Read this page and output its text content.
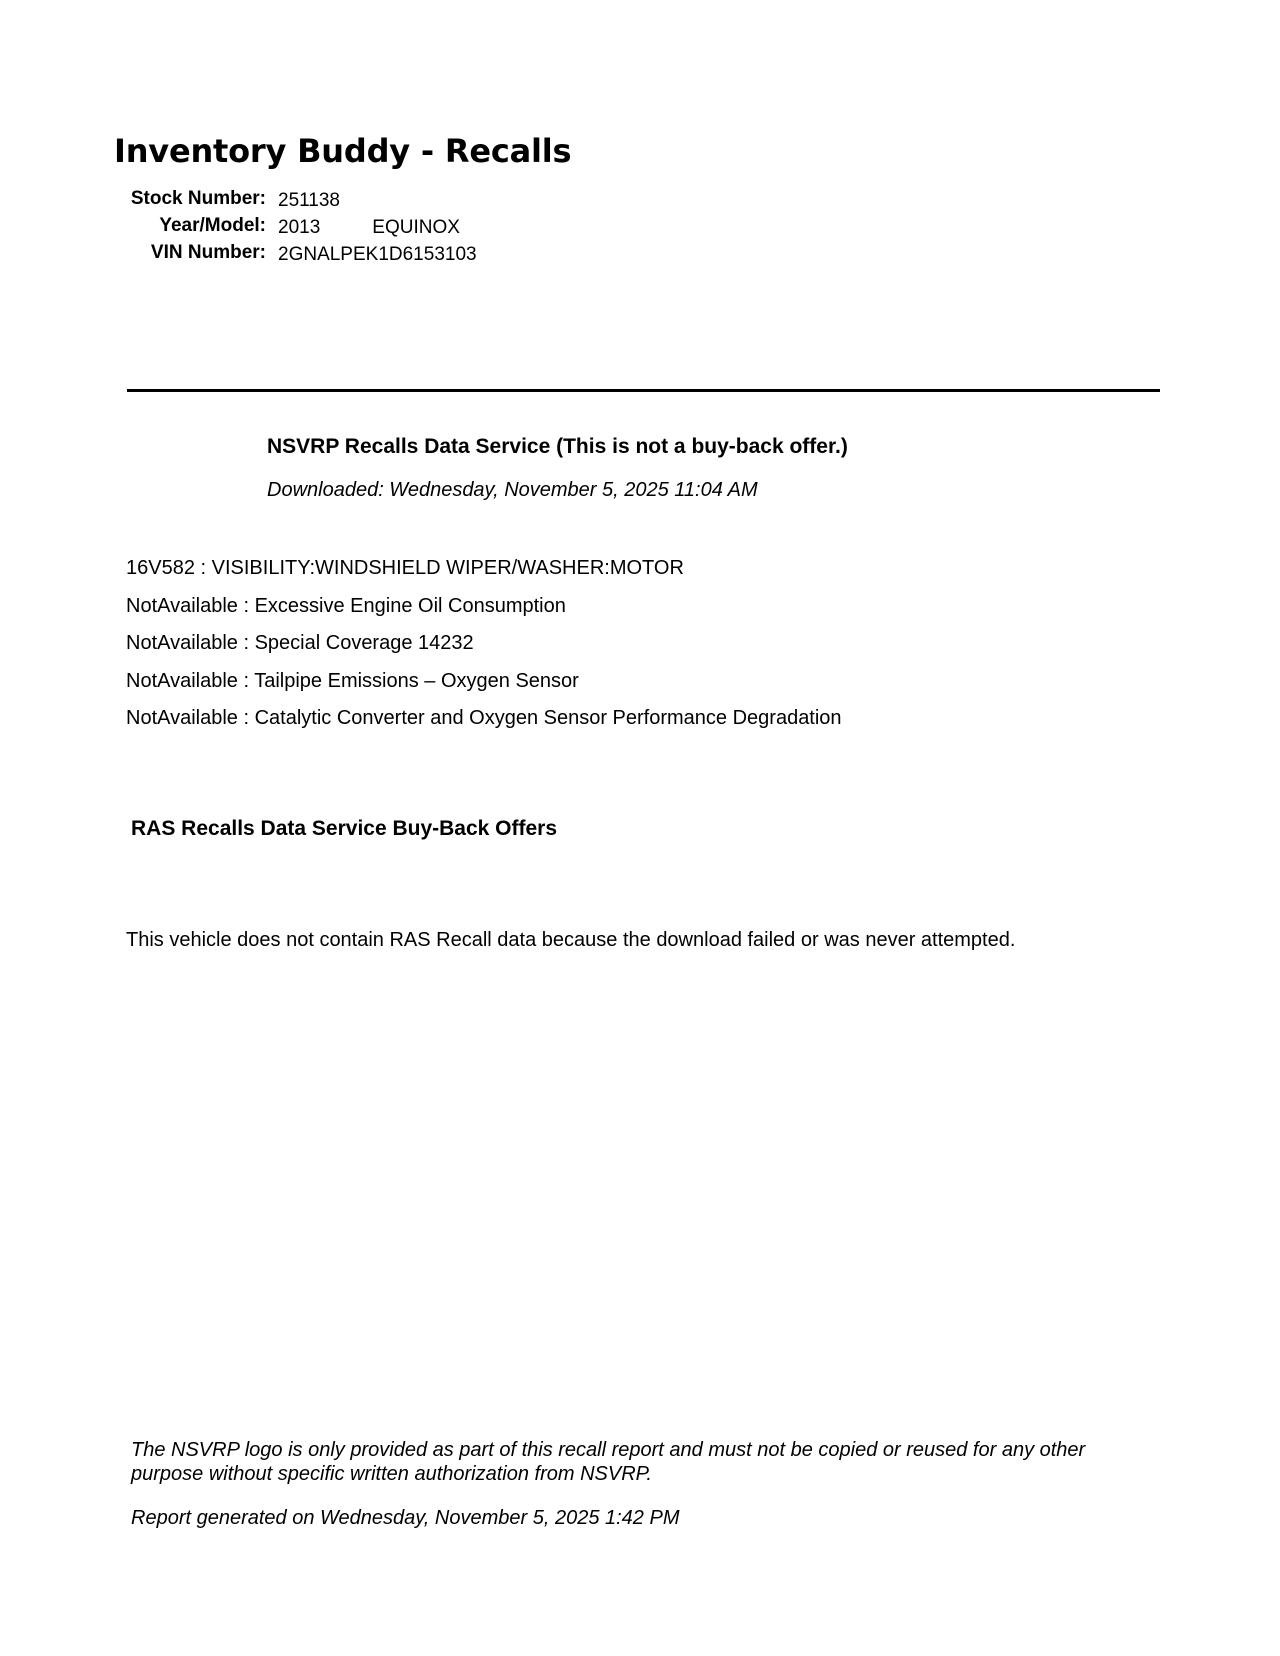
Inventory Buddy - Recalls
Stock Number: 251138
Year/Model: 2013	EQUINOX
VIN Number: 2GNALPEK1D6153103
NSVRP Recalls Data Service (This is not a buy-back offer.)
Downloaded: Wednesday, November 5, 2025 11:04 AM
16V582 : VISIBILITY:WINDSHIELD WIPER/WASHER:MOTOR
NotAvailable : Excessive Engine Oil Consumption
NotAvailable : Special Coverage 14232
NotAvailable : Tailpipe Emissions – Oxygen Sensor
NotAvailable : Catalytic Converter and Oxygen Sensor Performance Degradation
RAS Recalls Data Service Buy-Back Offers
This vehicle does not contain RAS Recall data because the download failed or was never attempted.

The NSVRP logo is only provided as part of this recall report and must not be copied or reused for any other purpose without specific written authorization from NSVRP.

Report generated on Wednesday, November 5, 2025 1:42 PM
